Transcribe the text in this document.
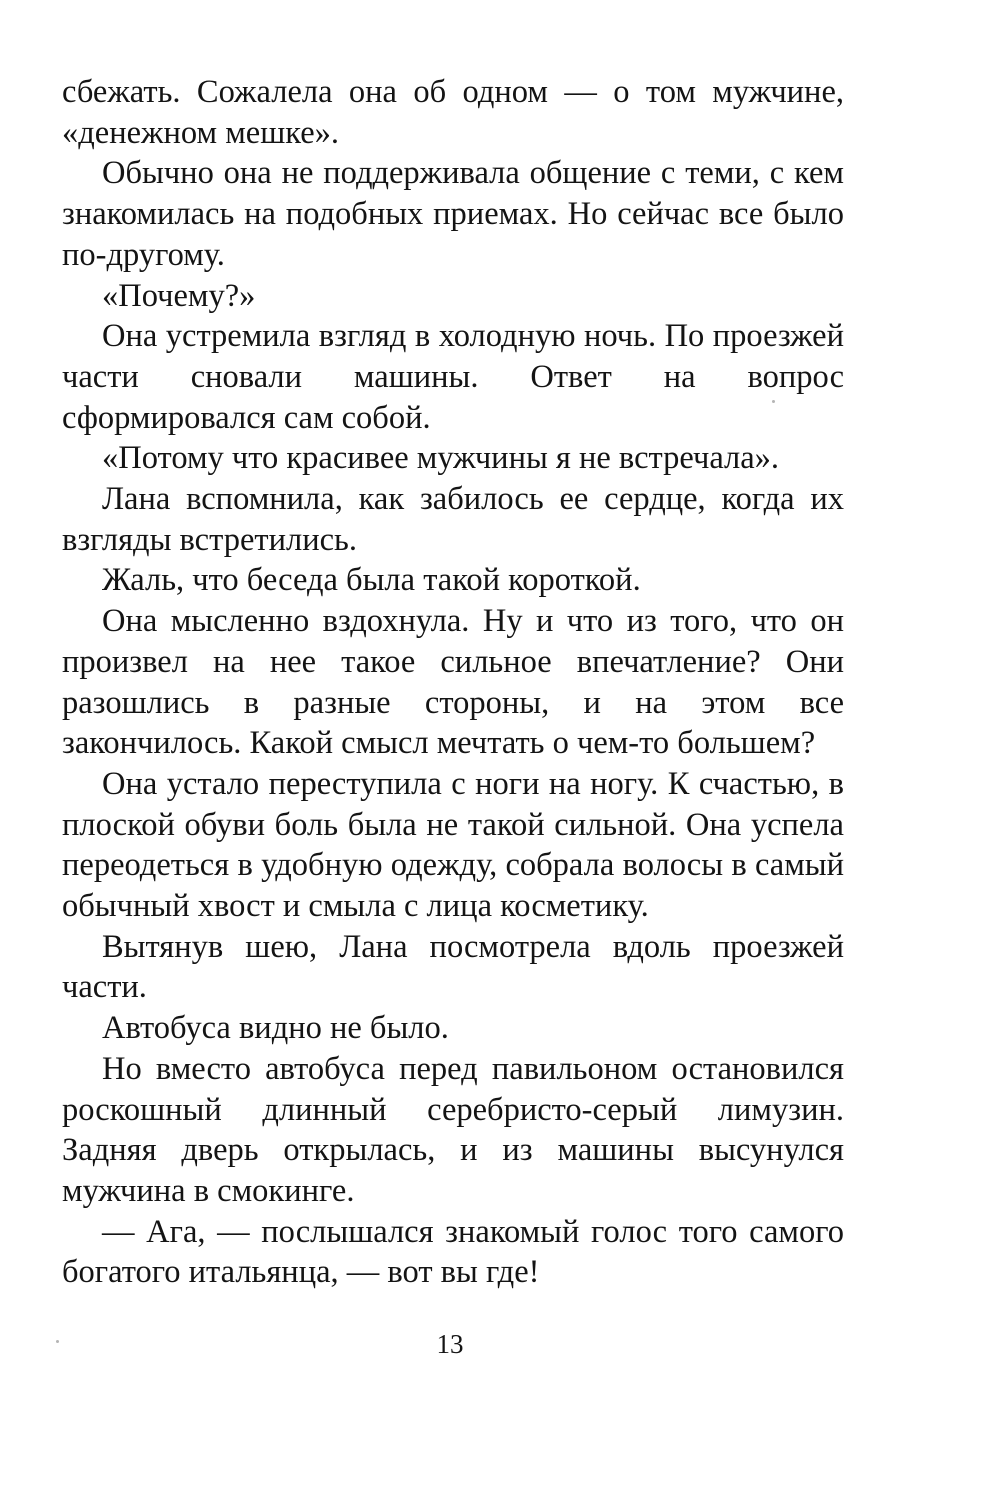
сбежать. Сожалела она об одном — о том мужчине, «денежном мешке».

Обычно она не поддерживала общение с теми, с кем знакомилась на подобных приемах. Но сейчас все было по-другому.

«Почему?»

Она устремила взгляд в холодную ночь. По проезжей части сновали машины. Ответ на вопрос сформировался сам собой.

«Потому что красивее мужчины я не встречала».

Лана вспомнила, как забилось ее сердце, когда их взгляды встретились.

Жаль, что беседа была такой короткой.

Она мысленно вздохнула. Ну и что из того, что он произвел на нее такое сильное впечатление? Они разошлись в разные стороны, и на этом все закончилось. Какой смысл мечтать о чем-то большем?

Она устало переступила с ноги на ногу. К счастью, в плоской обуви боль была не такой сильной. Она успела переодеться в удобную одежду, собрала волосы в самый обычный хвост и смыла с лица косметику.

Вытянув шею, Лана посмотрела вдоль проезжей части.

Автобуса видно не было.

Но вместо автобуса перед павильоном остановился роскошный длинный серебристо-серый лимузин. Задняя дверь открылась, и из машины высунулся мужчина в смокинге.

— Ага, — послышался знакомый голос того самого богатого итальянца, — вот вы где!

13
